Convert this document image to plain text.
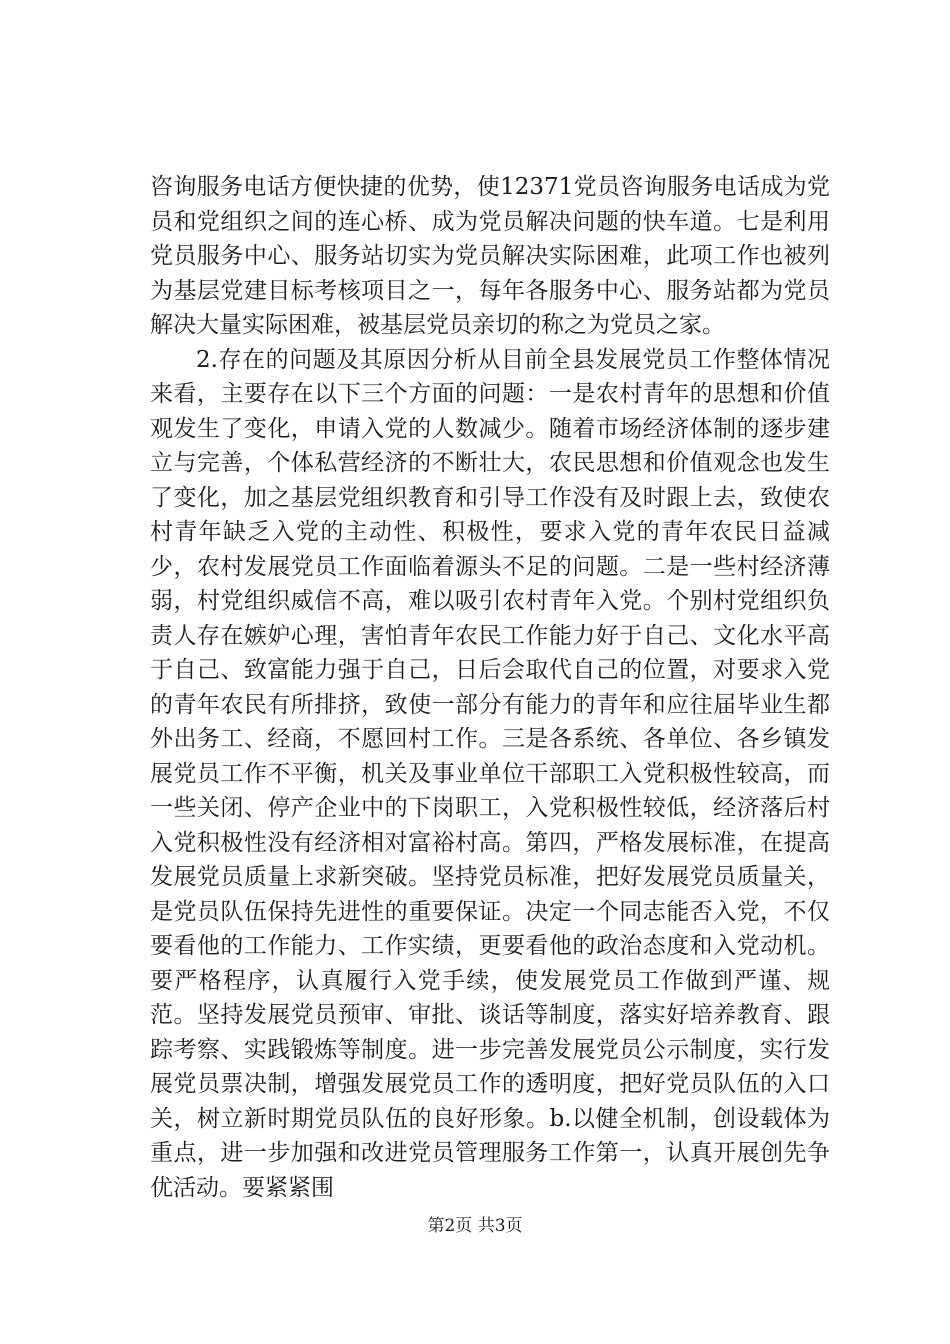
咨询服务电话方便快捷的优势，使12371党员咨询服务电话成为党员和党组织之间的连心桥、成为党员解决问题的快车道。七是利用党员服务中心、服务站切实为党员解决实际困难，此项工作也被列为基层党建目标考核项目之一，每年各服务中心、服务站都为党员解决大量实际困难，被基层党员亲切的称之为党员之家。

2.存在的问题及其原因分析从目前全县发展党员工作整体情况来看，主要存在以下三个方面的问题：一是农村青年的思想和价值观发生了变化，申请入党的人数减少。随着市场经济体制的逐步建立与完善，个体私营经济的不断壮大，农民思想和价值观念也发生了变化，加之基层党组织教育和引导工作没有及时跟上去，致使农村青年缺乏入党的主动性、积极性，要求入党的青年农民日益减少，农村发展党员工作面临着源头不足的问题。二是一些村经济薄弱，村党组织威信不高，难以吸引农村青年入党。个别村党组织负责人存在嫉妒心理，害怕青年农民工作能力好于自己、文化水平高于自己、致富能力强于自己，日后会取代自己的位置，对要求入党的青年农民有所排挤，致使一部分有能力的青年和应往届毕业生都外出务工、经商，不愿回村工作。三是各系统、各单位、各乡镇发展党员工作不平衡，机关及事业单位干部职工入党积极性较高，而一些关闭、停产企业中的下岗职工，入党积极性较低，经济落后村入党积极性没有经济相对富裕村高。第四，严格发展标准，在提高发展党员质量上求新突破。坚持党员标准，把好发展党员质量关，是党员队伍保持先进性的重要保证。决定一个同志能否入党，不仅要看他的工作能力、工作实绩，更要看他的政治态度和入党动机。要严格程序，认真履行入党手续，使发展党员工作做到严谨、规范。坚持发展党员预审、审批、谈话等制度，落实好培养教育、跟踪考察、实践锻炼等制度。进一步完善发展党员公示制度，实行发展党员票决制，增强发展党员工作的透明度，把好党员队伍的入口关，树立新时期党员队伍的良好形象。b.以健全机制，创设载体为重点，进一步加强和改进党员管理服务工作第一，认真开展创先争优活动。要紧紧围

第2页 共3页
